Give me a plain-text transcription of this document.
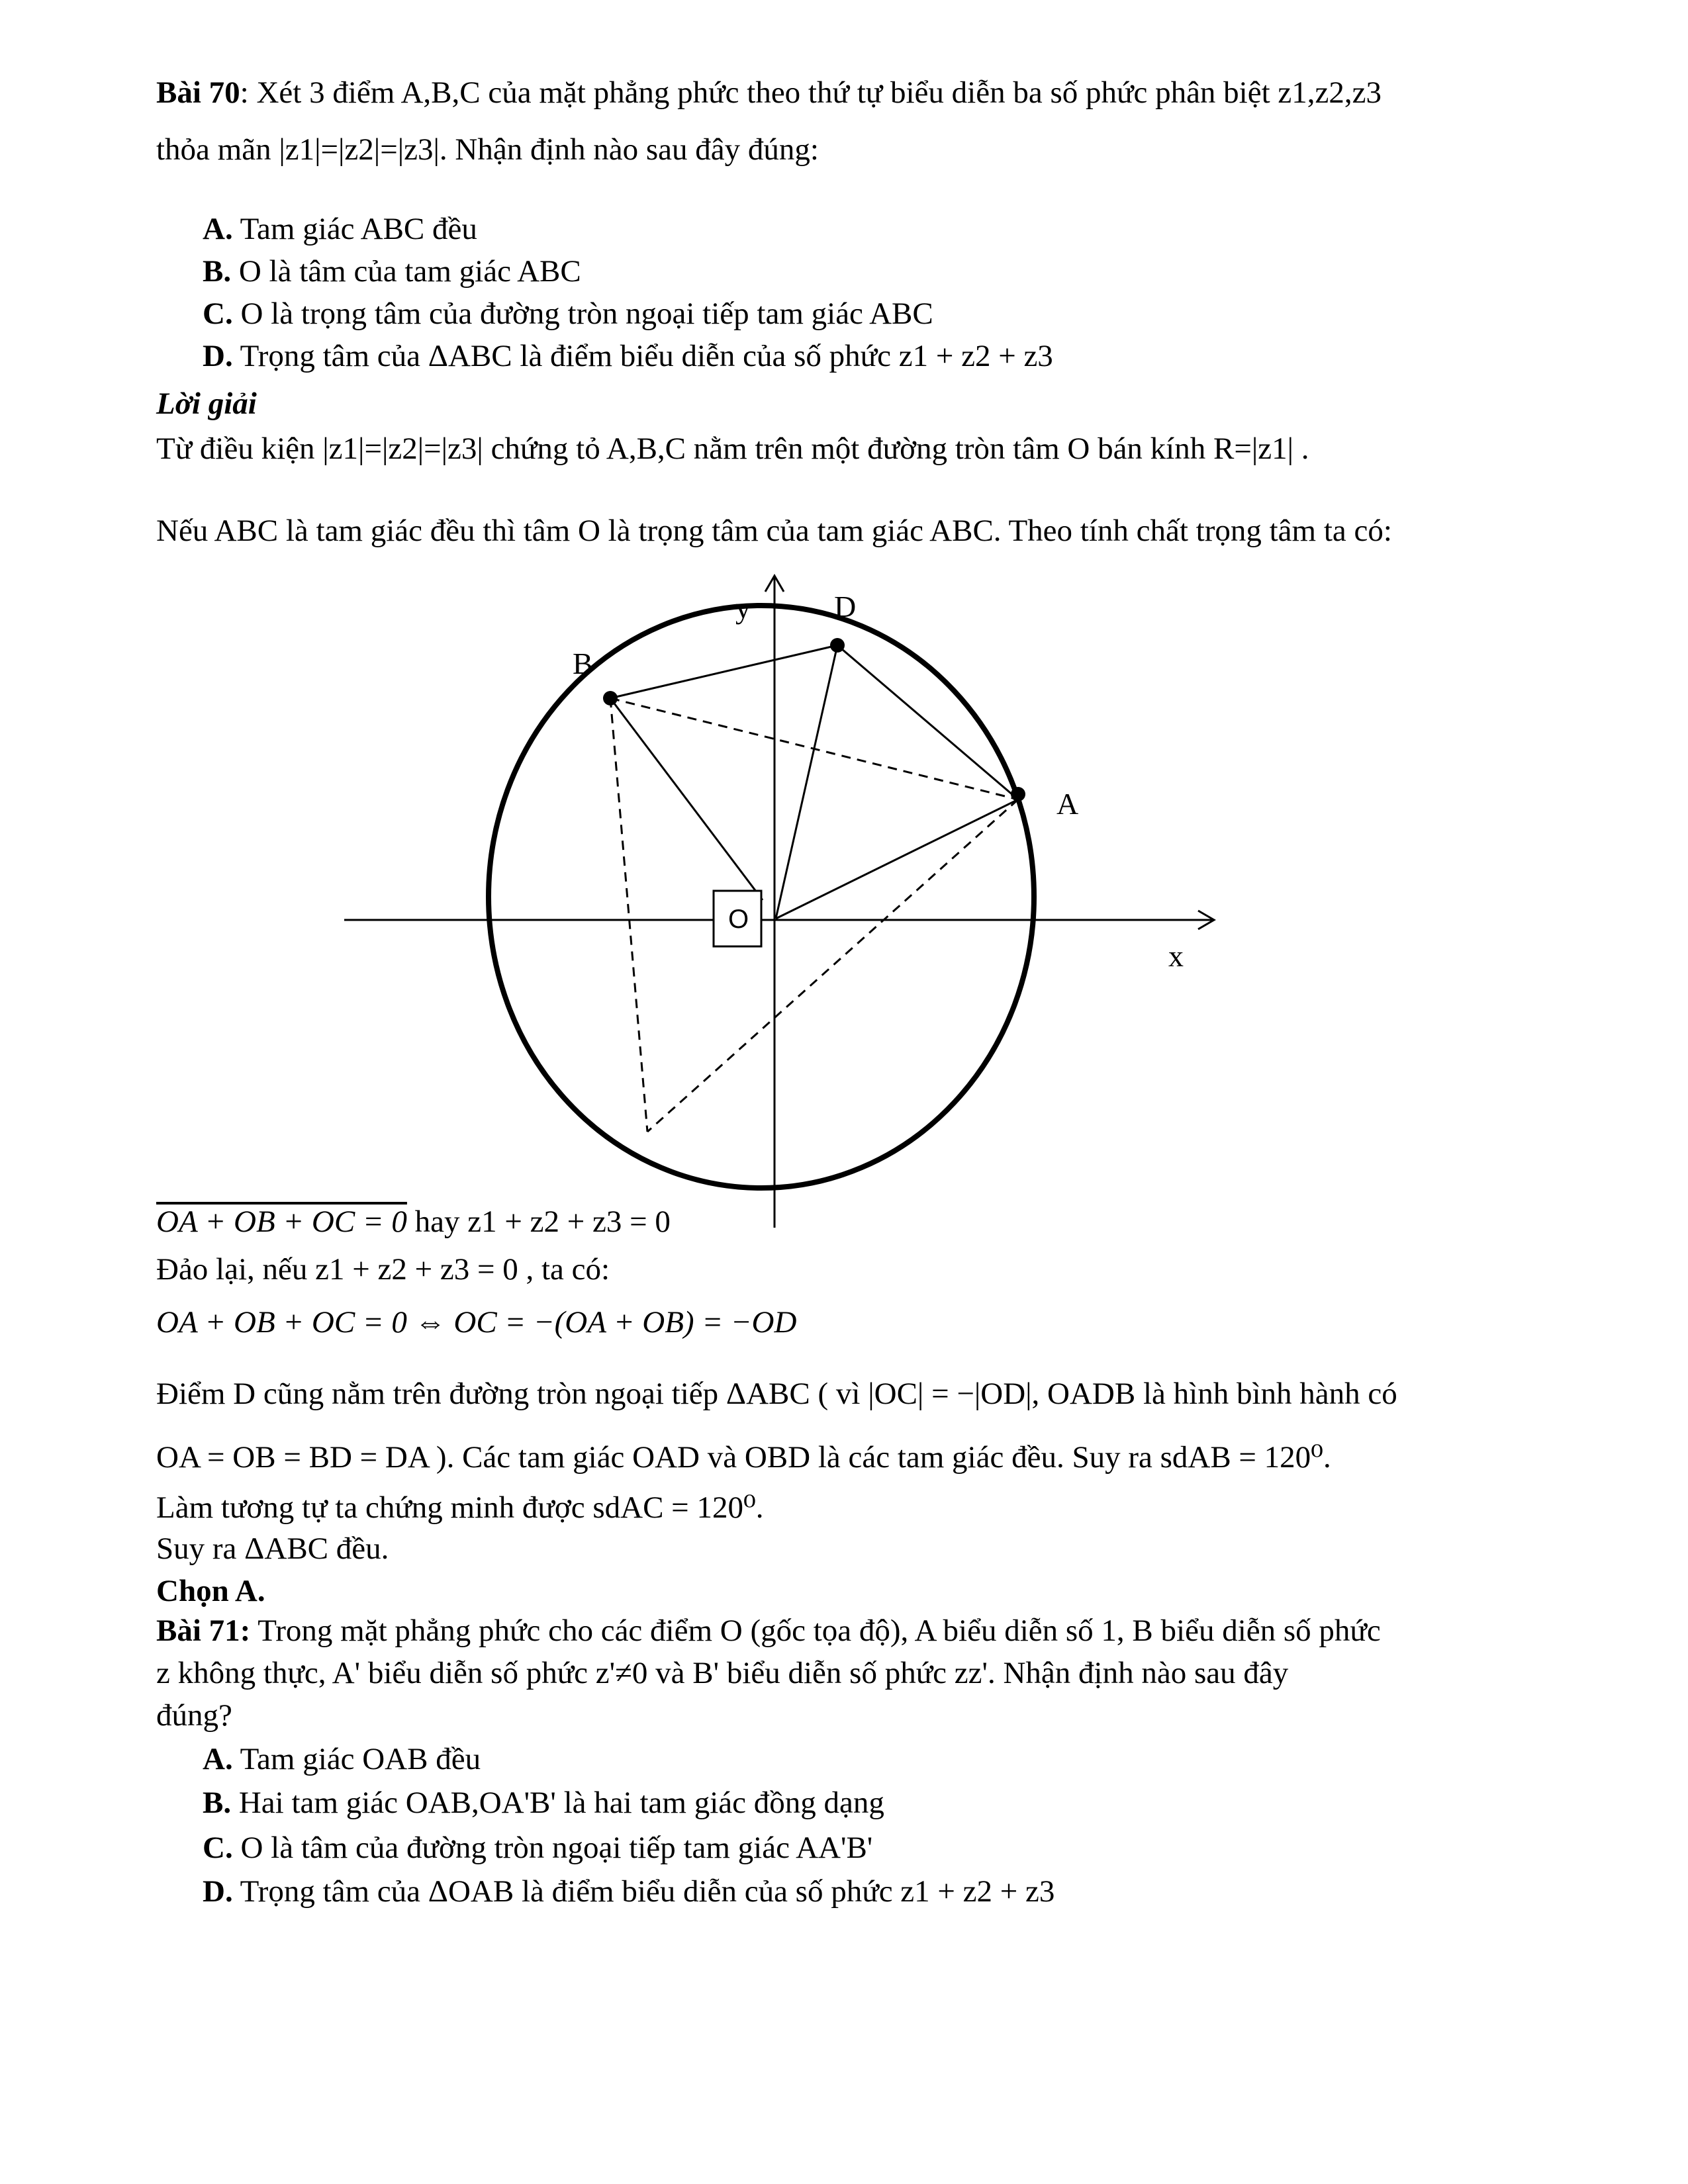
Bài 70: Xét 3 điểm A,B,C của mặt phẳng phức theo thứ tự biểu diễn ba số phức phân biệt z1,z2,z3
thỏa mãn |z1|=|z2|=|z3|. Nhận định nào sau đây đúng:
A. Tam giác ABC đều
B. O là tâm của tam giác ABC
C. O là trọng tâm của đường tròn ngoại tiếp tam giác ABC
D. Trọng tâm của ΔABC là điểm biểu diễn của số phức z1 + z2 + z3
Lời giải
Từ điều kiện |z1|=|z2|=|z3| chứng tỏ A,B,C nằm trên một đường tròn tâm O bán kính R=|z1| .
Nếu ABC là tam giác đều thì tâm O là trọng tâm của tam giác ABC. Theo tính chất trọng tâm ta có:
y	D
B
A
x
O
OA + OB + OC = 0 hay z1 + z2 + z3 = 0
Đảo lại, nếu z1 + z2 + z3 = 0 , ta có:
OA + OB + OC = 0 ⇔ OC = −(OA + OB) = −OD
Điểm D cũng nằm trên đường tròn ngoại tiếp ΔABC ( vì |OC| = −|OD|, OADB là hình bình hành có
OA = OB = BD = DA ). Các tam giác OAD và OBD là các tam giác đều. Suy ra sdAB = 120⁰.
Làm tương tự ta chứng minh được sdAC = 120⁰.
Suy ra ΔABC đều.
Chọn A.
Bài 71: Trong mặt phẳng phức cho các điểm O (gốc tọa độ), A biểu diễn số 1, B biểu diễn số phức
z không thực, A' biểu diễn số phức z'≠0 và B' biểu diễn số phức zz'. Nhận định nào sau đây
đúng?
A. Tam giác OAB đều
B. Hai tam giác OAB,OA'B' là hai tam giác đồng dạng
C. O là tâm của đường tròn ngoại tiếp tam giác AA'B'
D. Trọng tâm của ΔOAB là điểm biểu diễn của số phức z1 + z2 + z3
